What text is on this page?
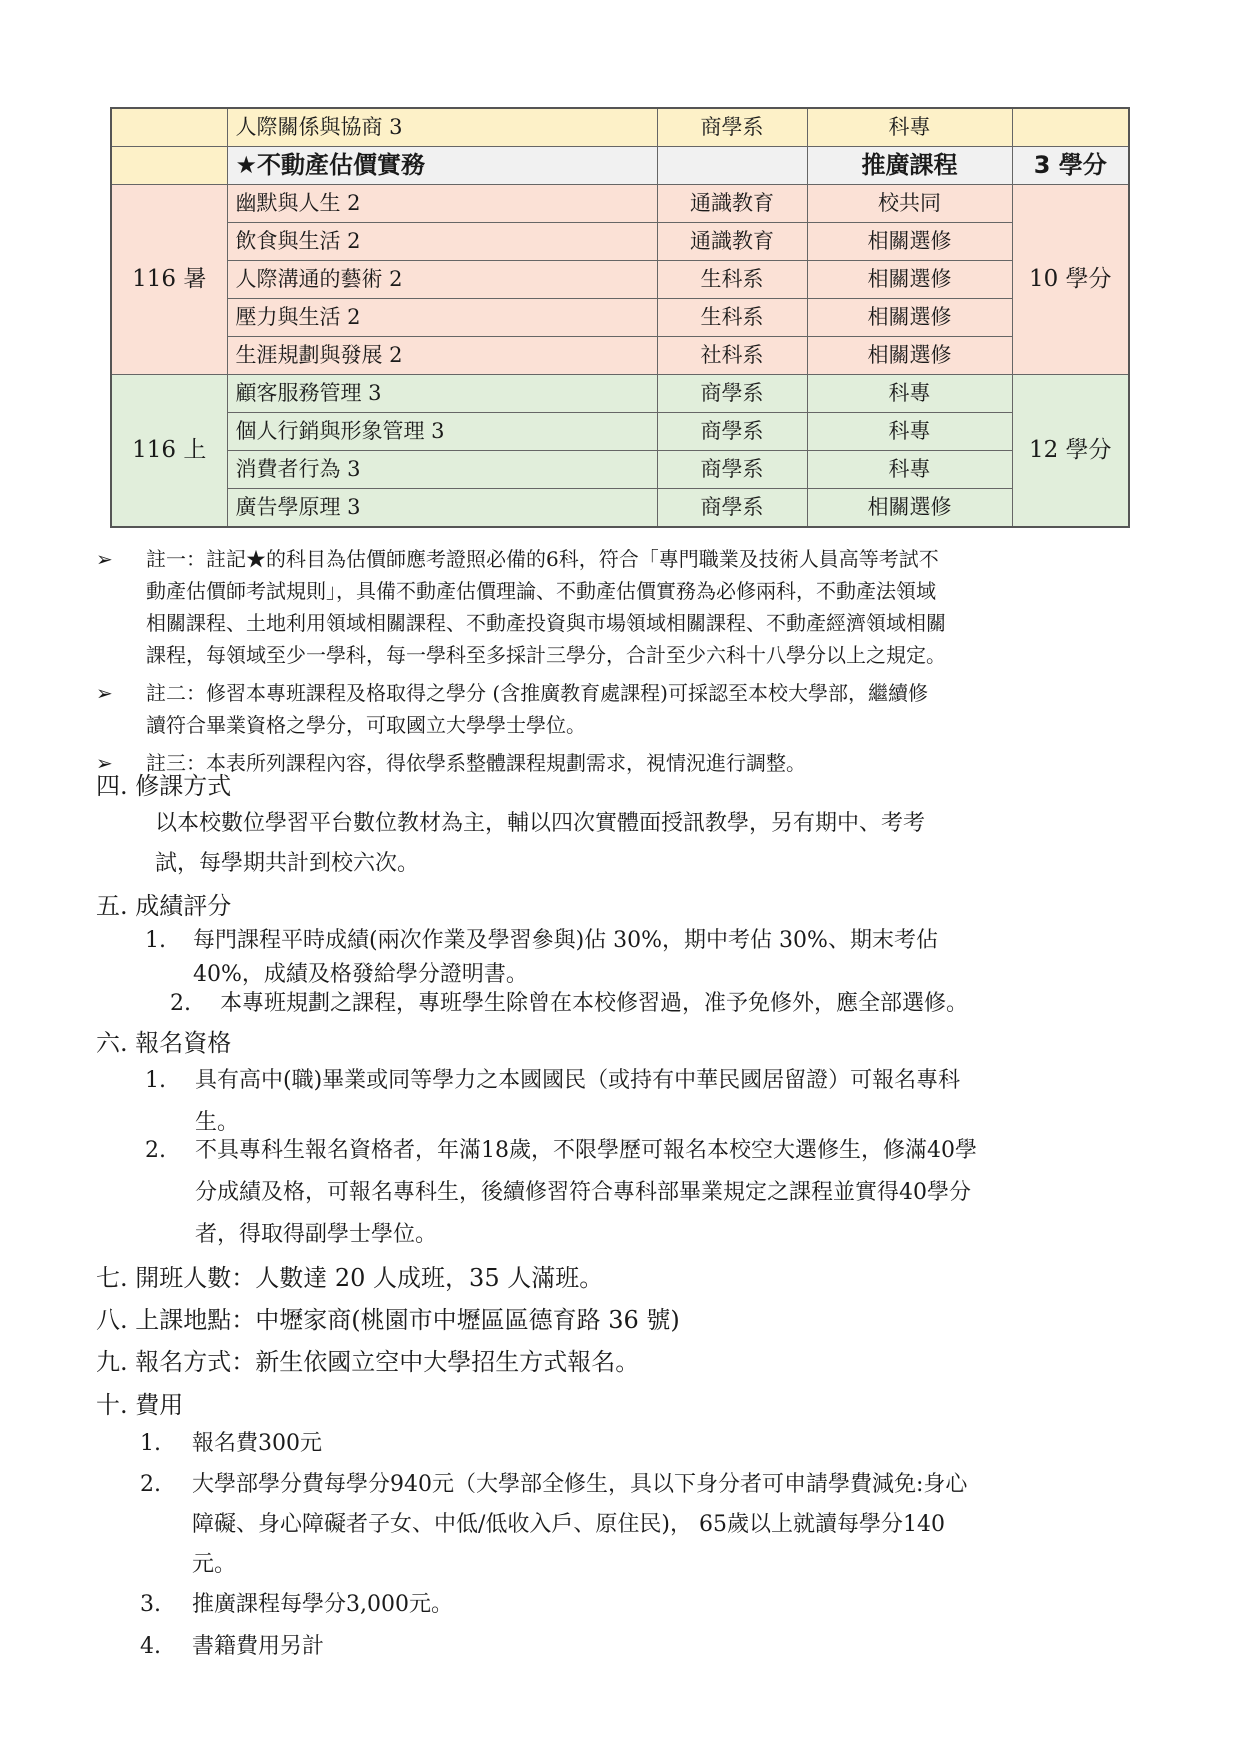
	人際關係與協商 3	商學系	科專	
	★不動產估價實務		推廣課程	3 學分
116 暑	幽默與人生 2	通識教育	校共同	10 學分
	飲食與生活 2	通識教育	相關選修	
	人際溝通的藝術 2	生科系	相關選修	
	壓力與生活 2	生科系	相關選修	
	生涯規劃與發展 2	社科系	相關選修	
116 上	顧客服務管理 3	商學系	科專	12 學分
	個人行銷與形象管理 3	商學系	科專	
	消費者行為 3	商學系	科專	
	廣告學原理 3	商學系	相關選修	
➢ 註一：註記★的科目為估價師應考證照必備的6科，符合「專門職業及技術人員高等考試不
動產估價師考試規則」，具備不動產估價理論、不動產估價實務為必修兩科，不動產法領域
相關課程、土地利用領域相關課程、不動產投資與市場領域相關課程、不動產經濟領域相關
課程，每領域至少一學科，每一學科至多採計三學分，合計至少六科十八學分以上之規定。
➢ 註二：修習本專班課程及格取得之學分 (含推廣教育處課程)可採認至本校大學部，繼續修
讀符合畢業資格之學分，可取國立大學學士學位。
➢ 註三：本表所列課程內容，得依學系整體課程規劃需求，視情況進行調整。
四. 修課方式
以本校數位學習平台數位教材為主，輔以四次實體面授訊教學，另有期中、考考
試，每學期共計到校六次。
五. 成績評分
1. 每門課程平時成績(兩次作業及學習參與)佔 30%，期中考佔 30%、期末考佔
40%，成績及格發給學分證明書。
2. 本專班規劃之課程，專班學生除曾在本校修習過，准予免修外，應全部選修。
六. 報名資格
1. 具有高中(職)畢業或同等學力之本國國民（或持有中華民國居留證）可報名專科
生。
2. 不具專科生報名資格者，年滿18歲，不限學歷可報名本校空大選修生，修滿40學
分成績及格，可報名專科生，後續修習符合專科部畢業規定之課程並實得40學分
者，得取得副學士學位。
七. 開班人數：人數達 20 人成班，35 人滿班。
八. 上課地點：中壢家商(桃園市中壢區區德育路 36 號)
九. 報名方式：新生依國立空中大學招生方式報名。
十. 費用
1. 報名費300元
2. 大學部學分費每學分940元（大學部全修生，具以下身分者可申請學費減免:身心
障礙、身心障礙者子女、中低/低收入戶、原住民)， 65歲以上就讀每學分140
元。
3. 推廣課程每學分3,000元。
4. 書籍費用另計
